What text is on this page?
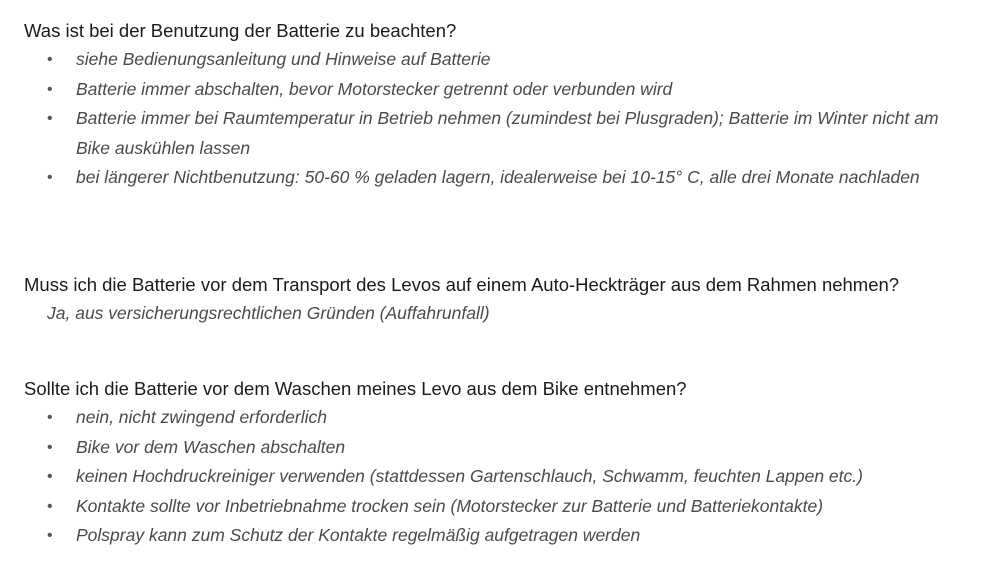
Was ist bei der Benutzung der Batterie zu beachten?
• siehe Bedienungsanleitung und Hinweise auf Batterie
• Batterie immer abschalten, bevor Motorstecker getrennt oder verbunden wird
• Batterie immer bei Raumtemperatur in Betrieb nehmen (zumindest bei Plusgraden); Batterie im Winter nicht am Bike auskühlen lassen
• bei längerer Nichtbenutzung: 50-60 % geladen lagern, idealerweise bei 10-15° C, alle drei Monate nachladen
Muss ich die Batterie vor dem Transport des Levos auf einem Auto-Heckträger aus dem Rahmen nehmen?

Ja, aus versicherungsrechtlichen Gründen (Auffahrunfall)

Sollte ich die Batterie vor dem Waschen meines Levo aus dem Bike entnehmen?
• nein, nicht zwingend erforderlich
• Bike vor dem Waschen abschalten
• keinen Hochdruckreiniger verwenden (stattdessen Gartenschlauch, Schwamm, feuchten Lappen etc.)
• Kontakte sollte vor Inbetriebnahme trocken sein (Motorstecker zur Batterie und Batteriekontakte)
• Polspray kann zum Schutz der Kontakte regelmäßig aufgetragen werden
